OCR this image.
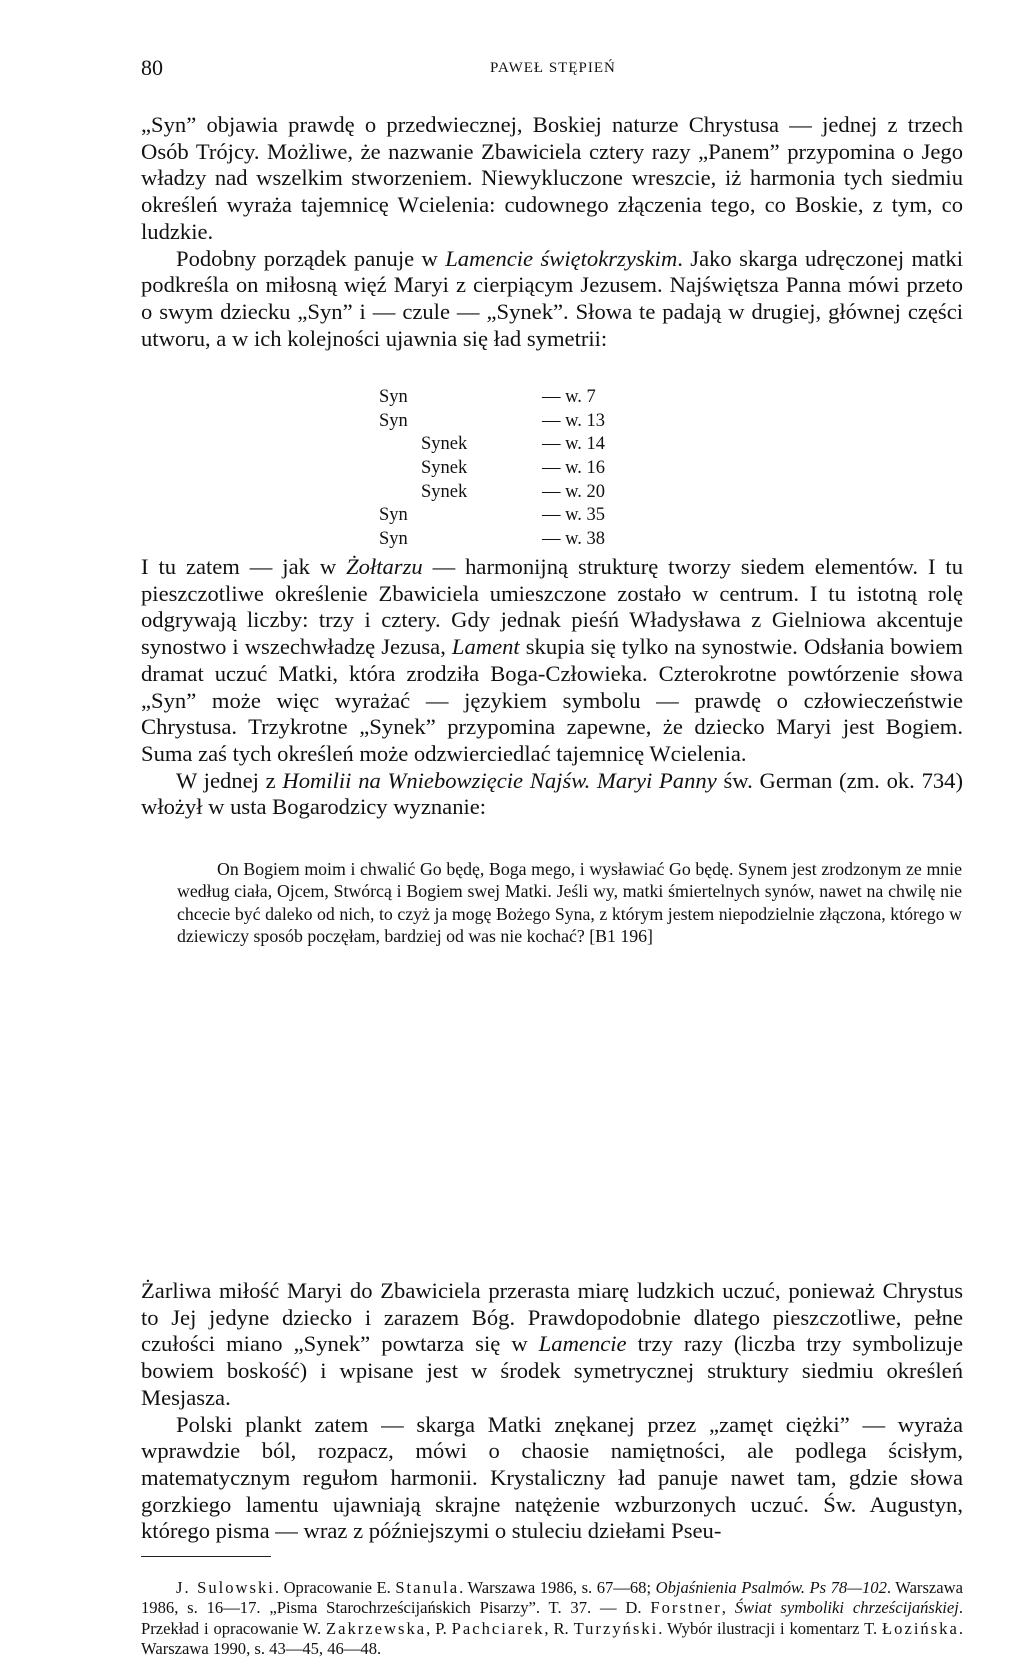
80	PAWEŁ STĘPIEŃ

„Syn” objawia prawdę o przedwiecznej, Boskiej naturze Chrystusa — jednej z trzech Osób Trójcy. Możliwe, że nazwanie Zbawiciela cztery razy „Panem” przypomina o Jego władzy nad wszelkim stworzeniem. Niewykluczone wreszcie, iż harmonia tych siedmiu określeń wyraża tajemnicę Wcielenia: cudownego złączenia tego, co Boskie, z tym, co ludzkie.

Podobny porządek panuje w Lamencie świętokrzyskim. Jako skarga udręczonej matki podkreśla on miłosną więź Maryi z cierpiącym Jezusem. Najświętsza Panna mówi przeto o swym dziecku „Syn” i — czule — „Synek”. Słowa te padają w drugiej, głównej części utworu, a w ich kolejności ujawnia się ład symetrii:

Syn	— w. 7
Syn	— w. 13
Synek	— w. 14
Synek	— w. 16
Synek	— w. 20
Syn	— w. 35
Syn	— w. 38

I tu zatem — jak w Żołtarzu — harmonijną strukturę tworzy siedem elementów. I tu pieszczotliwe określenie Zbawiciela umieszczone zostało w centrum. I tu istotną rolę odgrywają liczby: trzy i cztery. Gdy jednak pieśń Władysława z Gielniowa akcentuje synostwo i wszechwładzę Jezusa, Lament skupia się tylko na synostwie. Odsłania bowiem dramat uczuć Matki, która zrodziła Boga-Człowieka. Czterokrotne powtórzenie słowa „Syn” może więc wyrażać — językiem symbolu — prawdę o człowieczeństwie Chrystusa. Trzykrotne „Synek” przypomina zapewne, że dziecko Maryi jest Bogiem. Suma zaś tych określeń może odzwierciedlać tajemnicę Wcielenia.

W jednej z Homilii na Wniebowzięcie Najśw. Maryi Panny św. German (zm. ok. 734) włożył w usta Bogarodzicy wyznanie:

On Bogiem moim i chwalić Go będę, Boga mego, i wysławiać Go będę. Synem jest zrodzonym ze mnie według ciała, Ojcem, Stwórcą i Bogiem swej Matki. Jeśli wy, matki śmiertelnych synów, nawet na chwilę nie chcecie być daleko od nich, to czyż ja mogę Bożego Syna, z którym jestem niepodzielnie złączona, którego w dziewiczy sposób poczęłam, bardziej od was nie kochać? [B1 196]

Żarliwa miłość Maryi do Zbawiciela przerasta miarę ludzkich uczuć, ponieważ Chrystus to Jej jedyne dziecko i zarazem Bóg. Prawdopodobnie dlatego pieszczotliwe, pełne czułości miano „Synek” powtarza się w Lamencie trzy razy (liczba trzy symbolizuje bowiem boskość) i wpisane jest w środek symetrycznej struktury siedmiu określeń Mesjasza.

Polski plankt zatem — skarga Matki znękanej przez „zamęt ciężki” — wyraża wprawdzie ból, rozpacz, mówi o chaosie namiętności, ale podlega ścisłym, matematycznym regułom harmonii. Krystaliczny ład panuje nawet tam, gdzie słowa gorzkiego lamentu ujawniają skrajne natężenie wzburzonych uczuć. Św. Augustyn, którego pisma — wraz z późniejszymi o stuleciu dziełami Pseu-

J. Sulowski. Opracowanie E. Stanula. Warszawa 1986, s. 67—68; Objaśnienia Psalmów. Ps 78—102. Warszawa 1986, s. 16—17. „Pisma Starochrześcijańskich Pisarzy”. T. 37. — D. Forstner, Świat symboliki chrześcijańskiej. Przekład i opracowanie W. Zakrzewska, P. Pachciarek, R. Turzyński. Wybór ilustracji i komentarz T. Łozińska. Warszawa 1990, s. 43—45, 46—48.
